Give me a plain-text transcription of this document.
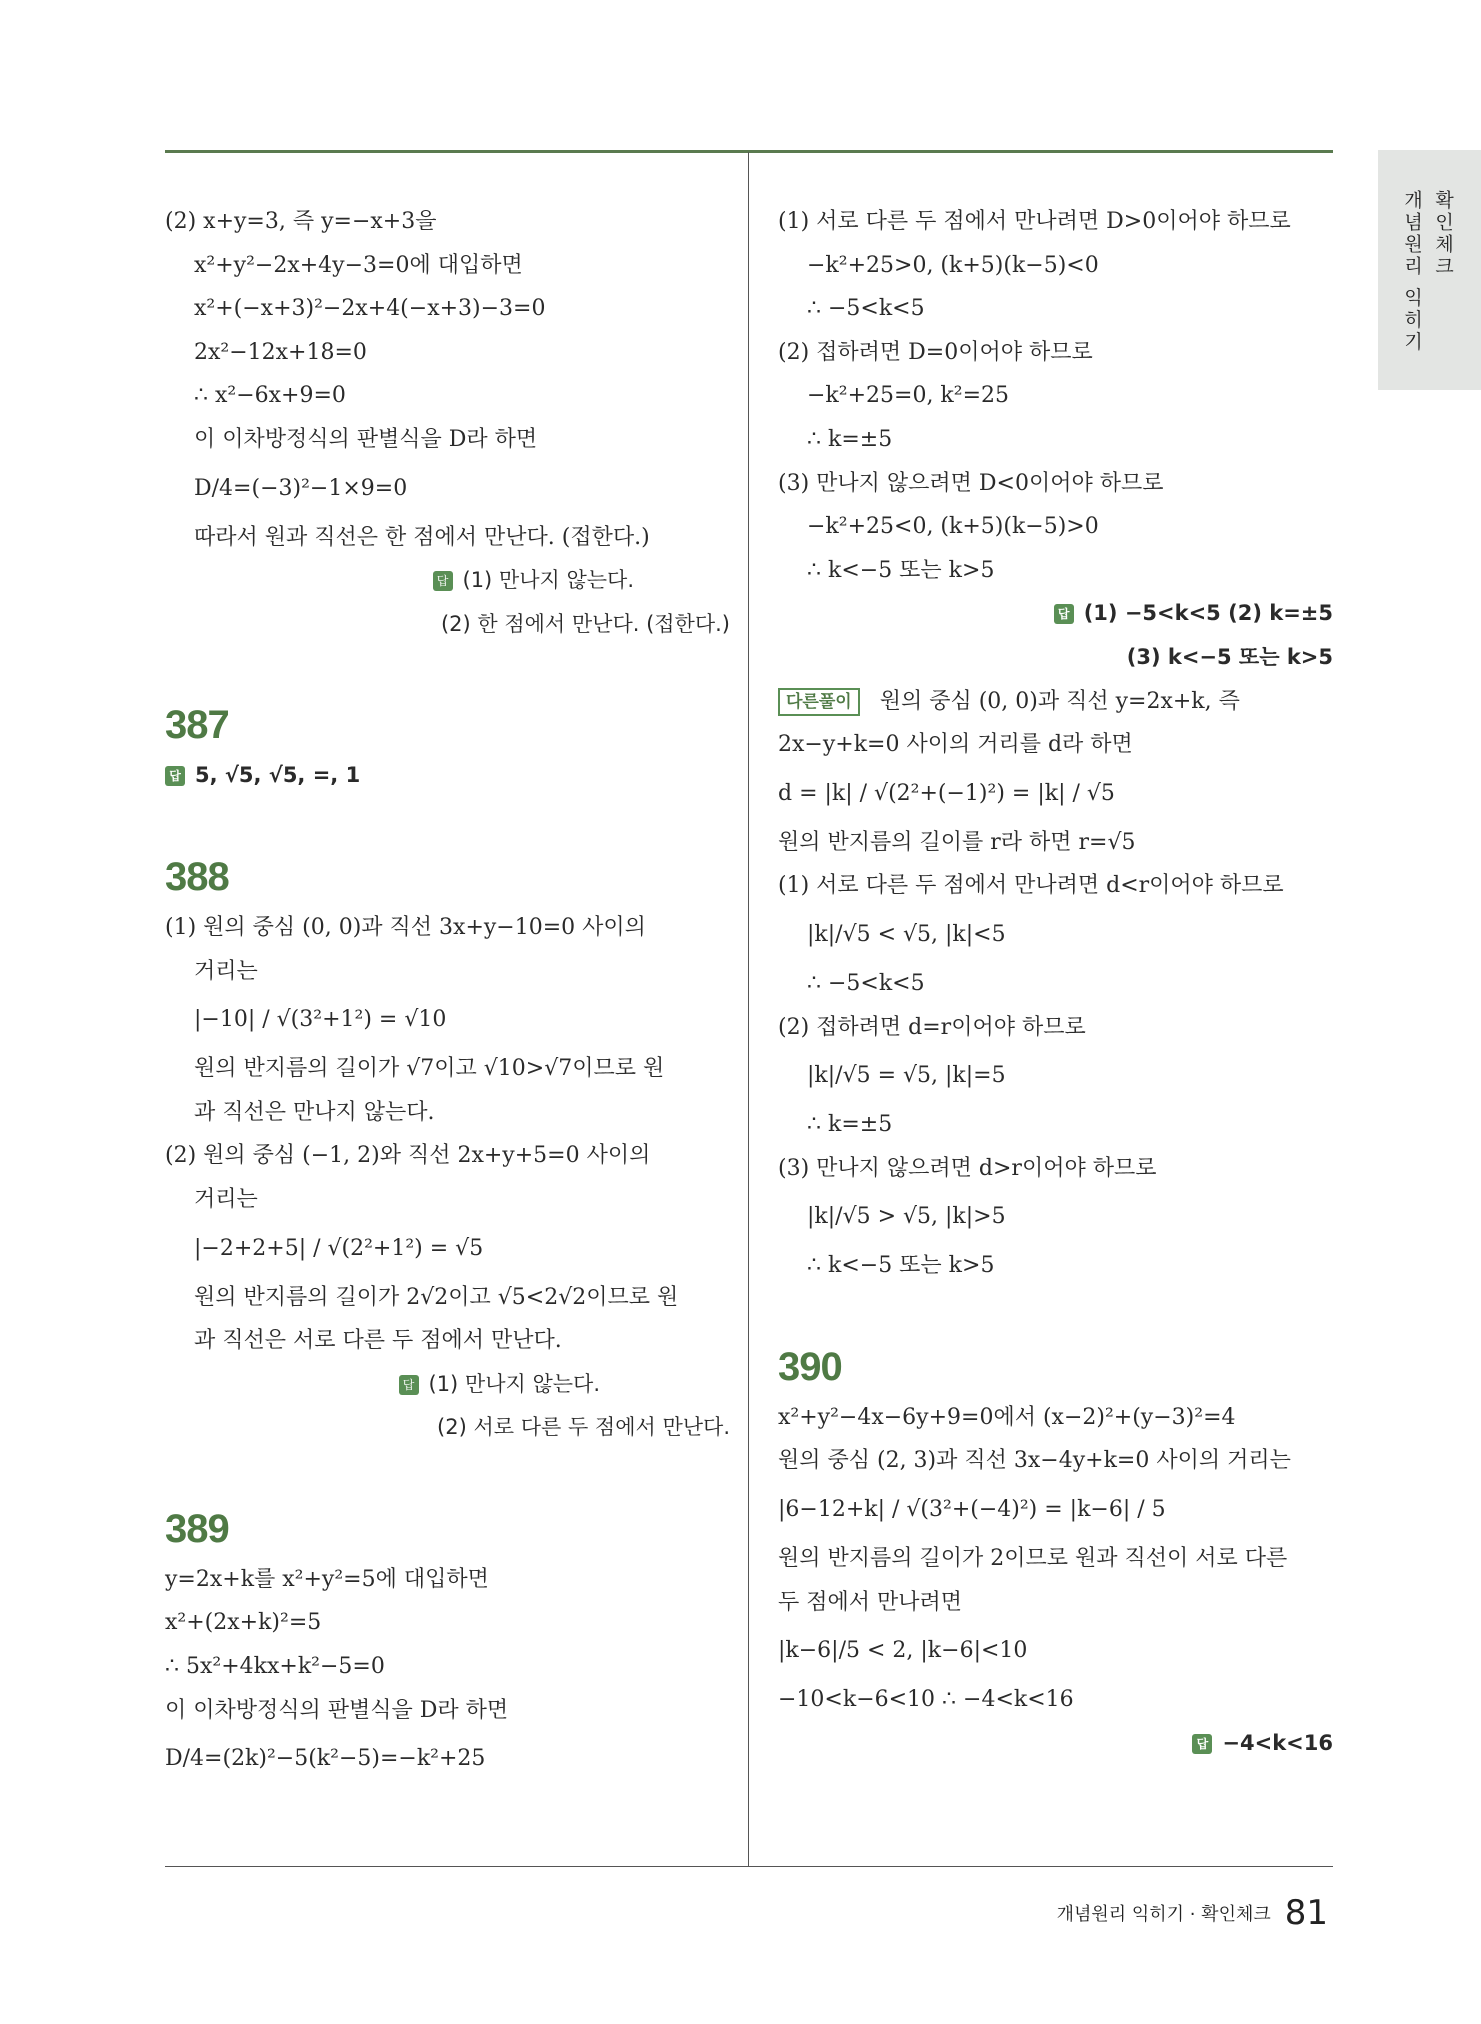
개념원리 익히기 확인체크
(2) x+y=3, 즉 y=−x+3을
x²+y²−2x+4y−3=0에 대입하면
x²+(−x+3)²−2x+4(−x+3)−3=0
2x²−12x+18=0
∴ x²−6x+9=0
이 이차방정식의 판별식을 D라 하면
D/4=(−3)²−1×9=0
따라서 원과 직선은 한 점에서 만난다. (접한다.)
답 (1) 만나지 않는다.
(2) 한 점에서 만난다. (접한다.)
387
답 5, √5, √5, =, 1
388
(1) 원의 중심 (0, 0)과 직선 3x+y−10=0 사이의
거리는
|−10| / √(3²+1²) = √10
원의 반지름의 길이가 √7이고 √10>√7이므로 원
과 직선은 만나지 않는다.
(2) 원의 중심 (−1, 2)와 직선 2x+y+5=0 사이의
거리는
|−2+2+5| / √(2²+1²) = √5
원의 반지름의 길이가 2√2이고 √5<2√2이므로 원
과 직선은 서로 다른 두 점에서 만난다.
답 (1) 만나지 않는다.
(2) 서로 다른 두 점에서 만난다.
389
y=2x+k를 x²+y²=5에 대입하면
x²+(2x+k)²=5
∴ 5x²+4kx+k²−5=0
이 이차방정식의 판별식을 D라 하면
D/4=(2k)²−5(k²−5)=−k²+25
(1) 서로 다른 두 점에서 만나려면 D>0이어야 하므로
−k²+25>0, (k+5)(k−5)<0
∴ −5<k<5
(2) 접하려면 D=0이어야 하므로
−k²+25=0, k²=25
∴ k=±5
(3) 만나지 않으려면 D<0이어야 하므로
−k²+25<0, (k+5)(k−5)>0
∴ k<−5 또는 k>5
답 (1) −5<k<5 (2) k=±5
(3) k<−5 또는 k>5
다른풀이 원의 중심 (0, 0)과 직선 y=2x+k, 즉
2x−y+k=0 사이의 거리를 d라 하면
d = |k| / √(2²+(−1)²) = |k| / √5
원의 반지름의 길이를 r라 하면 r=√5
(1) 서로 다른 두 점에서 만나려면 d<r이어야 하므로
|k|/√5 < √5, |k|<5
∴ −5<k<5
(2) 접하려면 d=r이어야 하므로
|k|/√5 = √5, |k|=5
∴ k=±5
(3) 만나지 않으려면 d>r이어야 하므로
|k|/√5 > √5, |k|>5
∴ k<−5 또는 k>5
390
x²+y²−4x−6y+9=0에서 (x−2)²+(y−3)²=4
원의 중심 (2, 3)과 직선 3x−4y+k=0 사이의 거리는
|6−12+k| / √(3²+(−4)²) = |k−6| / 5
원의 반지름의 길이가 2이므로 원과 직선이 서로 다른
두 점에서 만나려면
|k−6|/5 < 2, |k−6|<10
−10<k−6<10 ∴ −4<k<16
답 −4<k<16
개념원리 익히기 · 확인체크 81
